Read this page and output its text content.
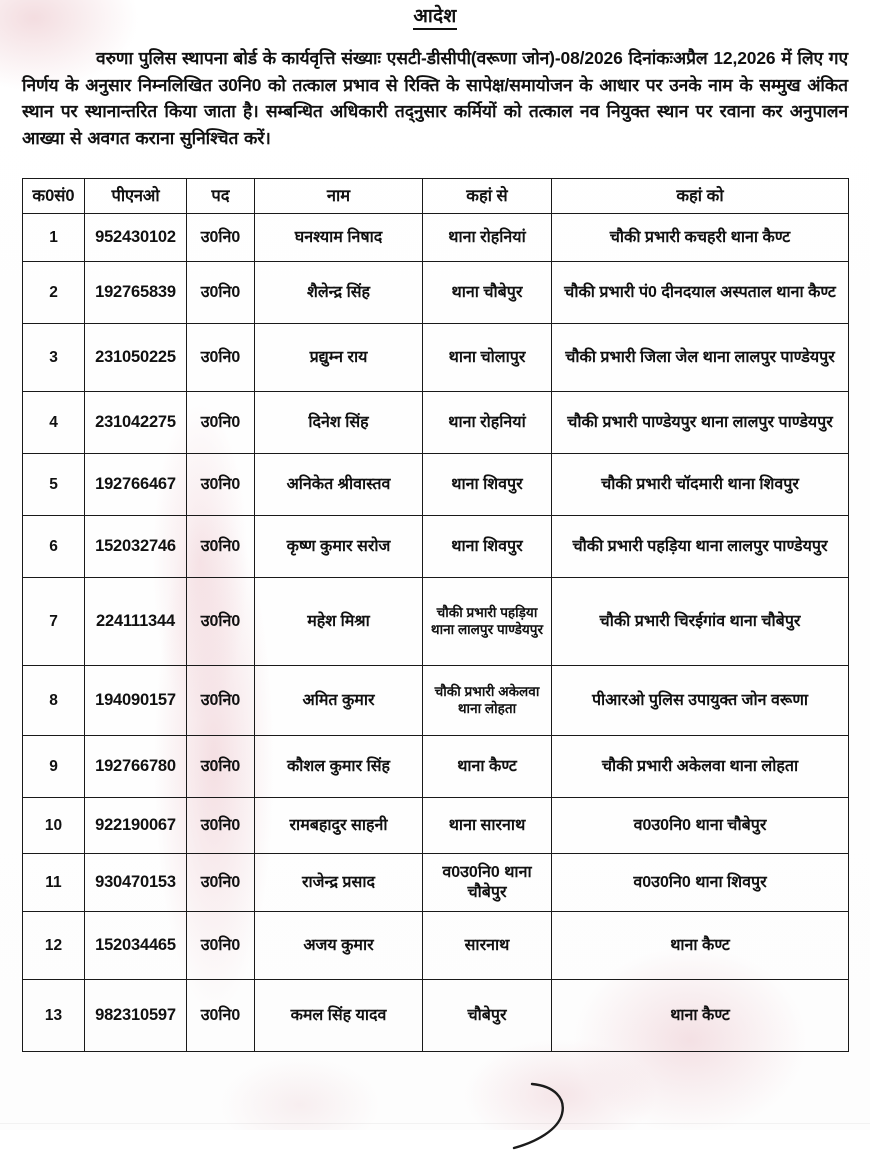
आदेश

वरुणा पुलिस स्थापना बोर्ड के कार्यवृत्ति संख्याः एसटी-डीसीपी(वरूणा जोन)-08/2026 दिनांकःअप्रैल 12,2026 में लिए गए निर्णय के अनुसार निम्नलिखित उ0नि0 को तत्काल प्रभाव से रिक्ति के सापेक्ष/समायोजन के आधार पर उनके नाम के सम्मुख अंकित स्थान पर स्थानान्तरित किया जाता है। सम्बन्धित अधिकारी तद्नुसार कर्मियों को तत्काल नव नियुक्त स्थान पर रवाना कर अनुपालन आख्या से अवगत कराना सुनिश्चित करें।

क0सं0	पीएनओ	पद	नाम	कहां से	कहां को
1	952430102	उ0नि0	घनश्याम निषाद	थाना रोहनियां	चौकी प्रभारी कचहरी थाना कैण्ट
2	192765839	उ0नि0	शैलेन्द्र सिंह	थाना चौबेपुर	चौकी प्रभारी पं0 दीनदयाल अस्पताल थाना कैण्ट
3	231050225	उ0नि0	प्रद्युम्न राय	थाना चोलापुर	चौकी प्रभारी जिला जेल थाना लालपुर पाण्डेयपुर
4	231042275	उ0नि0	दिनेश सिंह	थाना रोहनियां	चौकी प्रभारी पाण्डेयपुर थाना लालपुर पाण्डेयपुर
5	192766467	उ0नि0	अनिकेत श्रीवास्तव	थाना शिवपुर	चौकी प्रभारी चॉदमारी थाना शिवपुर
6	152032746	उ0नि0	कृष्ण कुमार सरोज	थाना शिवपुर	चौकी प्रभारी पहड़िया थाना लालपुर पाण्डेयपुर
7	224111344	उ0नि0	महेश मिश्रा	चौकी प्रभारी पहड़िया थाना लालपुर पाण्डेयपुर	चौकी प्रभारी चिरईगांव थाना चौबेपुर
8	194090157	उ0नि0	अमित कुमार	चौकी प्रभारी अकेलवा थाना लोहता	पीआरओ पुलिस उपायुक्त जोन वरूणा
9	192766780	उ0नि0	कौशल कुमार सिंह	थाना कैण्ट	चौकी प्रभारी अकेलवा थाना लोहता
10	922190067	उ0नि0	रामबहादुर साहनी	थाना सारनाथ	व0उ0नि0 थाना चौबेपुर
11	930470153	उ0नि0	राजेन्द्र प्रसाद	व0उ0नि0 थाना चौबेपुर	व0उ0नि0 थाना शिवपुर
12	152034465	उ0नि0	अजय कुमार	सारनाथ	थाना कैण्ट
13	982310597	उ0नि0	कमल सिंह यादव	चौबेपुर	थाना कैण्ट
